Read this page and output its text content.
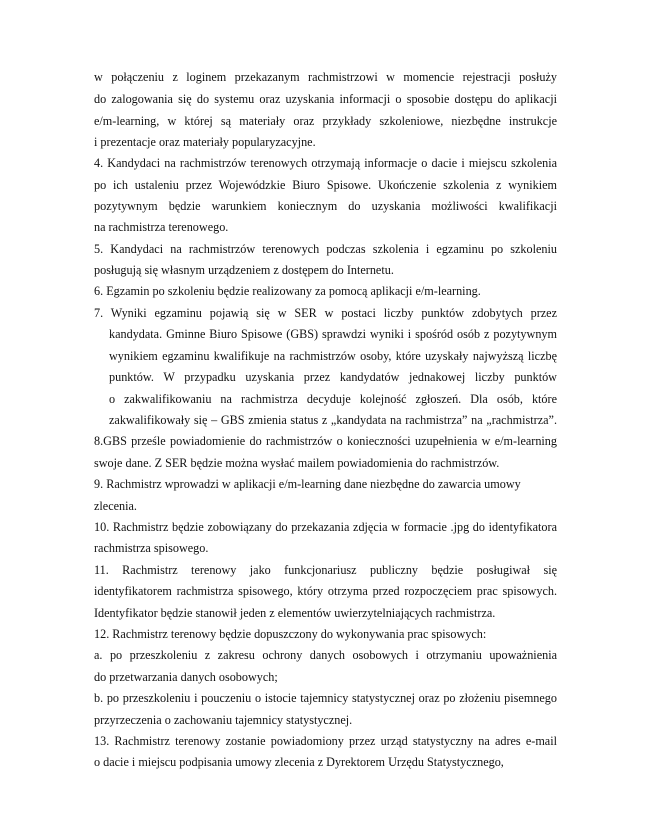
w połączeniu z loginem przekazanym rachmistrzowi w momencie rejestracji posłuży
do zalogowania się do systemu oraz uzyskania informacji o sposobie dostępu do aplikacji
e/m-learning, w której są materiały oraz przykłady szkoleniowe, niezbędne instrukcje
i prezentacje oraz materiały popularyzacyjne.
4. Kandydaci na rachmistrzów terenowych otrzymają informacje o dacie i miejscu szkolenia
po ich ustaleniu przez Wojewódzkie Biuro Spisowe. Ukończenie szkolenia z wynikiem
pozytywnym będzie warunkiem koniecznym do uzyskania możliwości kwalifikacji
na rachmistrza terenowego.
5. Kandydaci na rachmistrzów terenowych podczas szkolenia i egzaminu po szkoleniu
posługują się własnym urządzeniem z dostępem do Internetu.
6. Egzamin po szkoleniu będzie realizowany za pomocą aplikacji e/m-learning.
7. Wyniki egzaminu pojawią się w SER w postaci liczby punktów zdobytych przez
kandydata. Gminne Biuro Spisowe (GBS) sprawdzi wyniki i spośród osób z pozytywnym
wynikiem egzaminu kwalifikuje na rachmistrzów osoby, które uzyskały najwyższą liczbę
punktów. W przypadku uzyskania przez kandydatów jednakowej liczby punktów
o zakwalifikowaniu na rachmistrza decyduje kolejność zgłoszeń. Dla osób, które
zakwalifikowały się – GBS zmienia status z „kandydata na rachmistrza” na „rachmistrza”.
8.GBS prześle powiadomienie do rachmistrzów o konieczności uzupełnienia w e/m-learning
swoje dane. Z SER będzie można wysłać mailem powiadomienia do rachmistrzów.
9. Rachmistrz wprowadzi w aplikacji e/m-learning dane niezbędne do zawarcia umowy
zlecenia.
10. Rachmistrz będzie zobowiązany do przekazania zdjęcia w formacie .jpg do identyfikatora
rachmistrza spisowego.
11. Rachmistrz terenowy jako funkcjonariusz publiczny będzie posługiwał się
identyfikatorem rachmistrza spisowego, który otrzyma przed rozpoczęciem prac spisowych.
Identyfikator będzie stanowił jeden z elementów uwierzytelniających rachmistrza.
12. Rachmistrz terenowy będzie dopuszczony do wykonywania prac spisowych:
a. po przeszkoleniu z zakresu ochrony danych osobowych i otrzymaniu upoważnienia
do przetwarzania danych osobowych;
b. po przeszkoleniu i pouczeniu o istocie tajemnicy statystycznej oraz po złożeniu pisemnego
przyrzeczenia o zachowaniu tajemnicy statystycznej.
13. Rachmistrz terenowy zostanie powiadomiony przez urząd statystyczny na adres e-mail
o dacie i miejscu podpisania umowy zlecenia z Dyrektorem Urzędu Statystycznego,
